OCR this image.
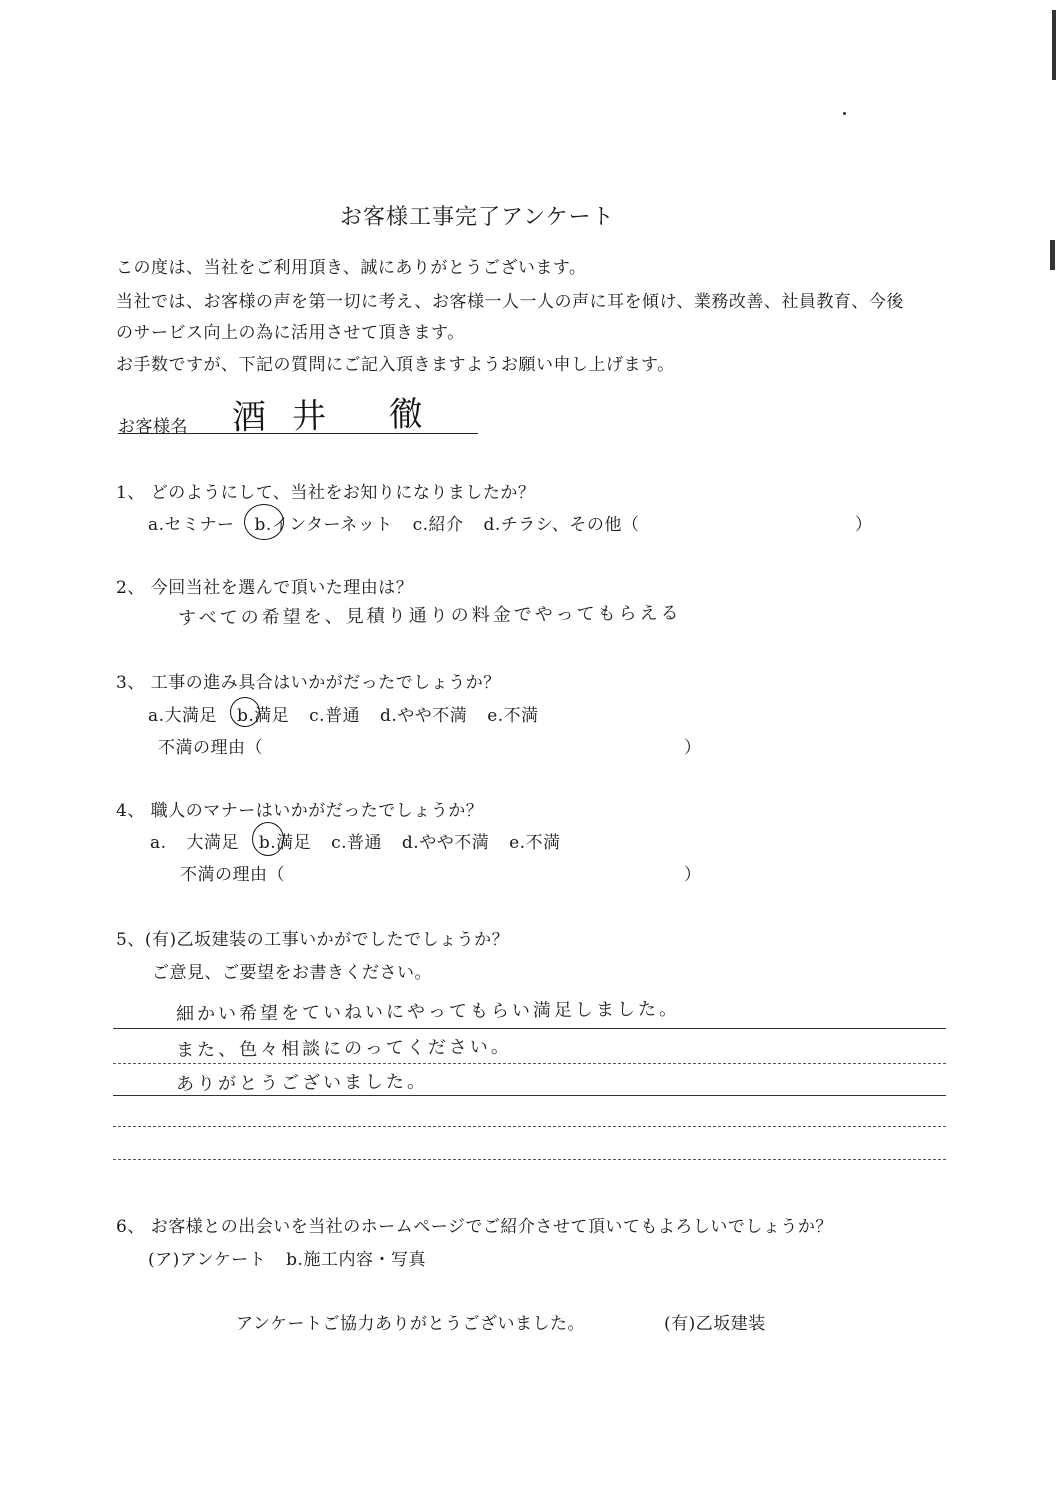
お客様工事完了アンケート
この度は、当社をご利用頂き、誠にありがとうございます。
当社では、お客様の声を第一切に考え、お客様一人一人の声に耳を傾け、業務改善、社員教育、今後
のサービス向上の為に活用させて頂きます。
お手数ですが、下記の質問にご記入頂きますようお願い申し上げます。
お客様名 酒井 徹
1、 どのようにして、当社をお知りになりましたか？
a.セミナー b.インターネット c.紹介 d.チラシ、その他（	）
2、 今回当社を選んで頂いた理由は？
すべての希望を、見積り通りの料金でやってもらえる
3、 工事の進み具合はいかがだったでしょうか？
a.大満足 b.満足 c.普通 d.やや不満 e.不満
不満の理由（	）
4、 職人のマナーはいかがだったでしょうか？
a. 大満足 b.満足 c.普通 d.やや不満 e.不満
不満の理由（	）
5、(有)乙坂建装の工事いかがでしたでしょうか？
ご意見、ご要望をお書きください。
細かい希望をていねいにやってもらい満足しました。
また、色々相談にのってください。
ありがとうございました。
6、 お客様との出会いを当社のホームページでご紹介させて頂いてもよろしいでしょうか？
(ア)アンケート b.施工内容・写真
アンケートご協力ありがとうございました。	(有)乙坂建装
